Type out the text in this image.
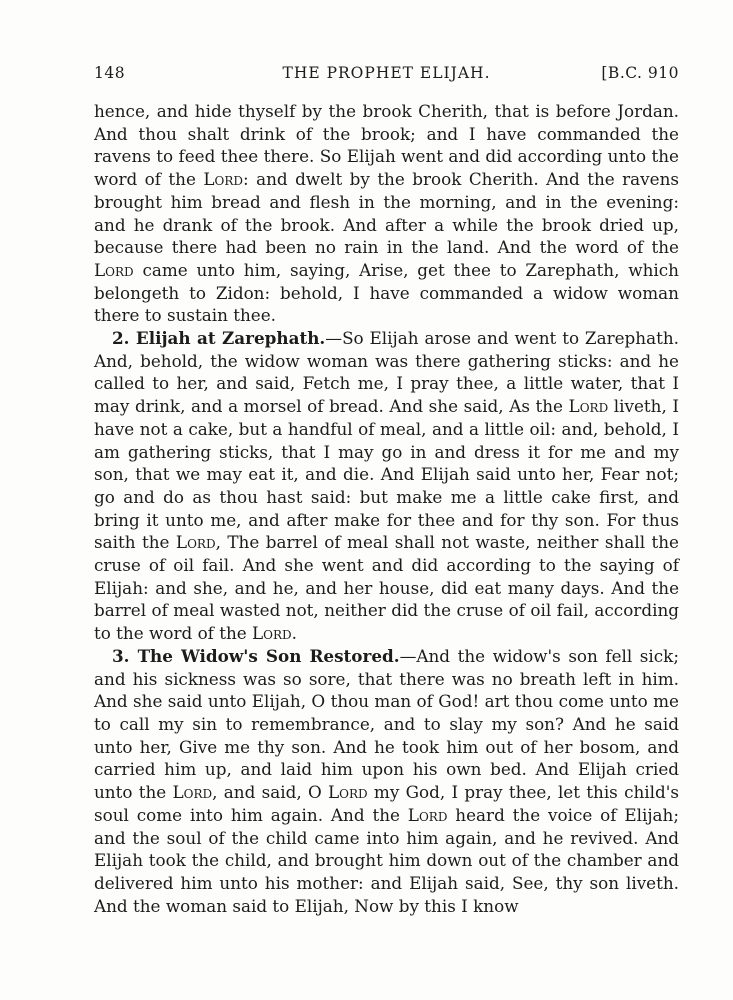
148	THE PROPHET ELIJAH.	[B.C. 910

hence, and hide thyself by the brook Cherith, that is before Jordan. And thou shalt drink of the brook; and I have commanded the ravens to feed thee there. So Elijah went and did according unto the word of the Lord: and dwelt by the brook Cherith. And the ravens brought him bread and flesh in the morning, and in the evening: and he drank of the brook. And after a while the brook dried up, because there had been no rain in the land. And the word of the Lord came unto him, saying, Arise, get thee to Zarephath, which belongeth to Zidon: behold, I have commanded a widow woman there to sustain thee.

2. Elijah at Zarephath.—So Elijah arose and went to Zarephath. And, behold, the widow woman was there gathering sticks: and he called to her, and said, Fetch me, I pray thee, a little water, that I may drink, and a morsel of bread. And she said, As the Lord liveth, I have not a cake, but a handful of meal, and a little oil: and, behold, I am gathering sticks, that I may go in and dress it for me and my son, that we may eat it, and die. And Elijah said unto her, Fear not; go and do as thou hast said: but make me a little cake first, and bring it unto me, and after make for thee and for thy son. For thus saith the Lord, The barrel of meal shall not waste, neither shall the cruse of oil fail. And she went and did according to the saying of Elijah: and she, and he, and her house, did eat many days. And the barrel of meal wasted not, neither did the cruse of oil fail, according to the word of the Lord.

3. The Widow's Son Restored.—And the widow's son fell sick; and his sickness was so sore, that there was no breath left in him. And she said unto Elijah, O thou man of God! art thou come unto me to call my sin to remembrance, and to slay my son? And he said unto her, Give me thy son. And he took him out of her bosom, and carried him up, and laid him upon his own bed. And Elijah cried unto the Lord, and said, O Lord my God, I pray thee, let this child's soul come into him again. And the Lord heard the voice of Elijah; and the soul of the child came into him again, and he revived. And Elijah took the child, and brought him down out of the chamber and delivered him unto his mother: and Elijah said, See, thy son liveth. And the woman said to Elijah, Now by this I know
